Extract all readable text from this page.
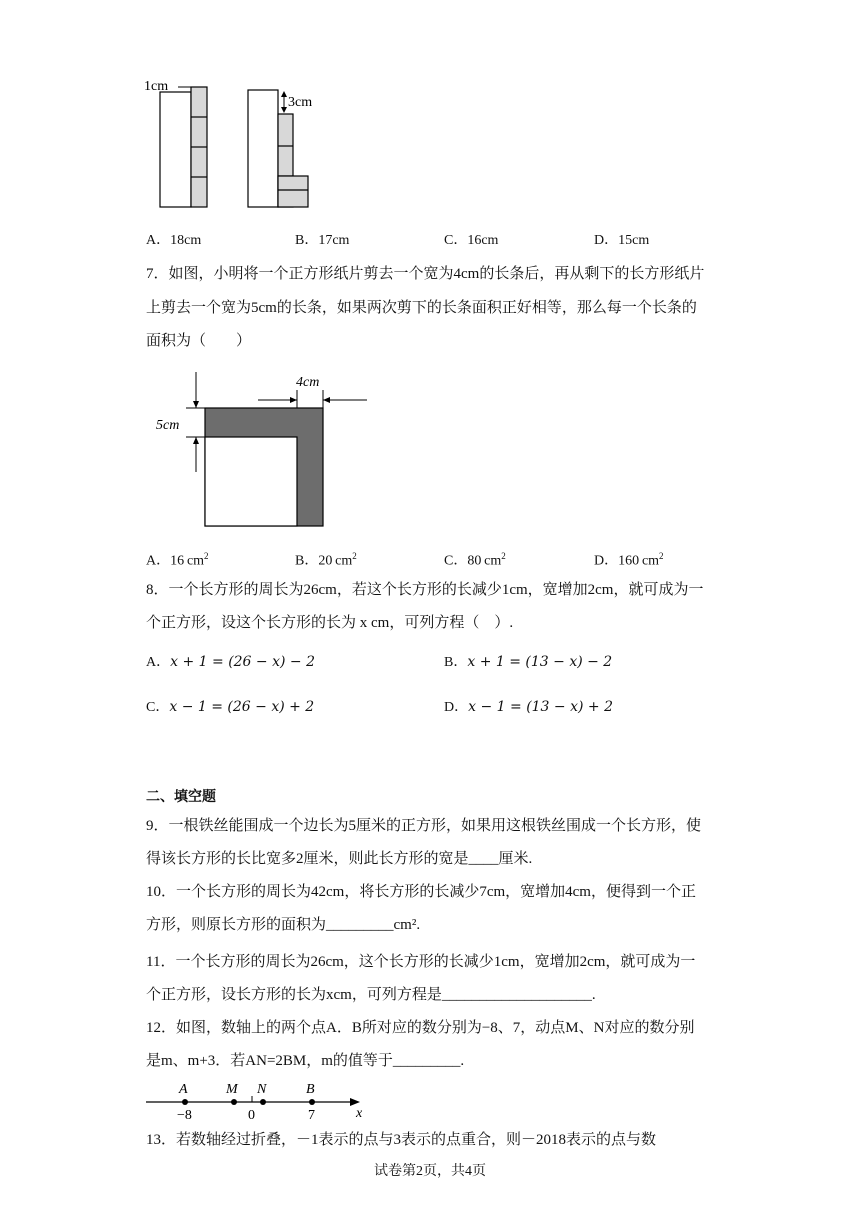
1cm
3cm
A．18cm	B．17cm	C．16cm	D．15cm
7．如图，小明将一个正方形纸片剪去一个宽为4cm的长条后，再从剩下的长方形纸片
上剪去一个宽为5cm的长条，如果两次剪下的长条面积正好相等，那么每一个长条的
面积为（　　）
4cm
5cm
A．16  $cm^2$	B．20  $cm^2$	C．80  $cm^2$	D．160  $cm^2$
8．一个长方形的周长为26cm，若这个长方形的长减少1cm，宽增加2cm，就可成为一
个正方形，设这个长方形的长为 x cm，可列方程（　）.
A．x + 1 = (26 − x) − 2	B．x + 1 = (13 − x) − 2
C．x − 1 = (26 − x) + 2	D．x − 1 = (13 − x) + 2
二、填空题
9．一根铁丝能围成一个边长为5厘米的正方形，如果用这根铁丝围成一个长方形，使
得该长方形的长比宽多2厘米，则此长方形的宽是____厘米.
10．一个长方形的周长为42cm，将长方形的长减少7cm，宽增加4cm，便得到一个正
方形，则原长方形的面积为_________cm².
11．一个长方形的周长为26cm，这个长方形的长减少1cm，宽增加2cm，就可成为一
个正方形，设长方形的长为xcm，可列方程是____________________.
12．如图，数轴上的两个点A．B所对应的数分别为−8、7，动点M、N对应的数分别
是m、m+3．若AN=2BM，m的值等于_________.
A	M N	B
−8	0	7	x
13．若数轴经过折叠，－1表示的点与3表示的点重合，则－2018表示的点与数
试卷第2页，共4页
